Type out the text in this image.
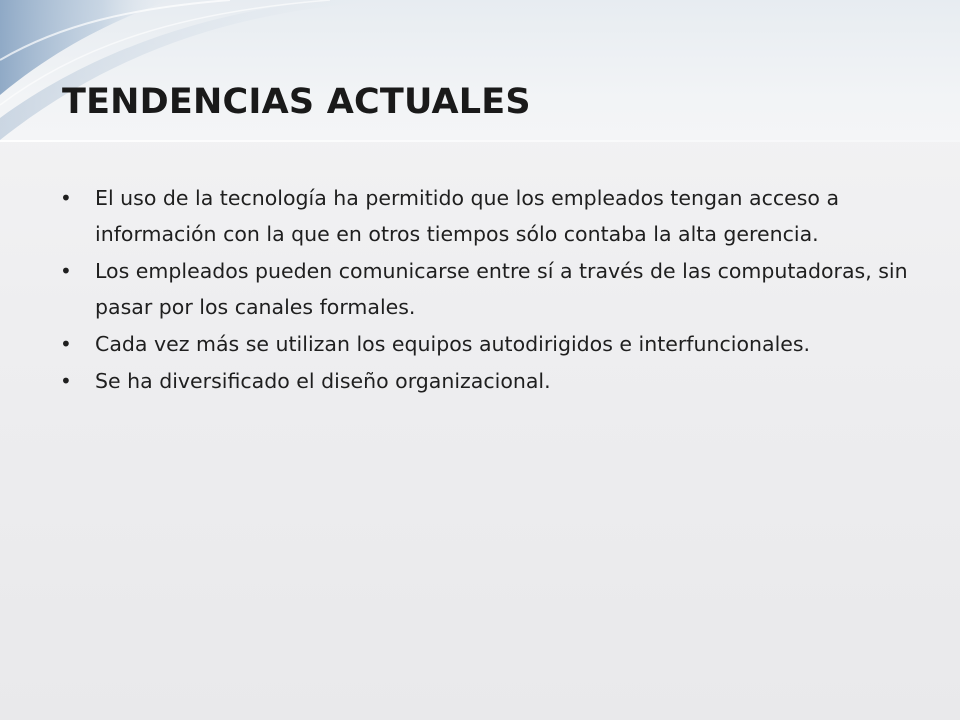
TENDENCIAS ACTUALES
•	El uso de la tecnología ha permitido que los empleados tengan acceso a información con la que en otros tiempos sólo contaba la alta gerencia.
•	Los empleados pueden comunicarse entre sí a través de las computadoras, sin pasar por los canales formales.
•	Cada vez más se utilizan los equipos autodirigidos e interfuncionales.
•	Se ha diversificado el diseño organizacional.
